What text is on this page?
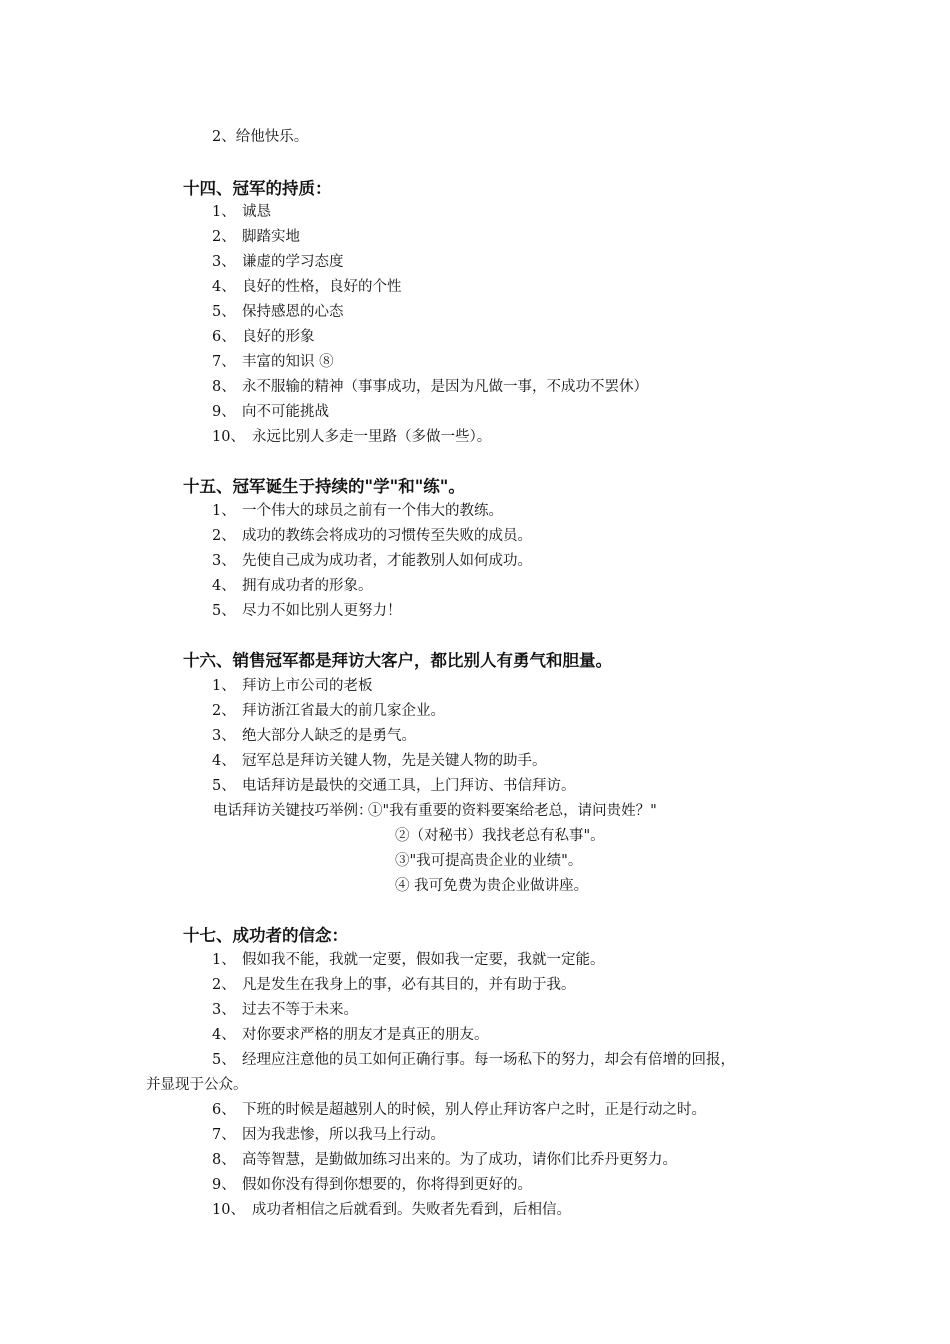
2、给他快乐。
十四、冠军的持质：
1、 诚恳
2、 脚踏实地
3、 谦虚的学习态度
4、 良好的性格，良好的个性
5、 保持感恩的心态
6、 良好的形象
7、 丰富的知识 ⑧
8、 永不服输的精神（事事成功，是因为凡做一事，不成功不罢休）
9、 向不可能挑战
10、 永远比别人多走一里路（多做一些）。
十五、冠军诞生于持续的"学"和"练"。
1、 一个伟大的球员之前有一个伟大的教练。
2、 成功的教练会将成功的习惯传至失败的成员。
3、 先使自己成为成功者，才能教别人如何成功。
4、 拥有成功者的形象。
5、 尽力不如比别人更努力！
十六、销售冠军都是拜访大客户，都比别人有勇气和胆量。
1、 拜访上市公司的老板
2、 拜访浙江省最大的前几家企业。
3、 绝大部分人缺乏的是勇气。
4、 冠军总是拜访关键人物，先是关键人物的助手。
5、 电话拜访是最快的交通工具，上门拜访、书信拜访。
电话拜访关键技巧举例：
①"我有重要的资料要案给老总，请问贵姓？"
②（对秘书）我找老总有私事"。
③"我可提高贵企业的业绩"。
④ 我可免费为贵企业做讲座。
十七、成功者的信念：
1、 假如我不能，我就一定要，假如我一定要，我就一定能。
2、 凡是发生在我身上的事，必有其目的，并有助于我。
3、 过去不等于未来。
4、 对你要求严格的朋友才是真正的朋友。
5、 经理应注意他的员工如何正确行事。每一场私下的努力，却会有倍增的回报，
并显现于公众。
6、 下班的时候是超越别人的时候，别人停止拜访客户之时，正是行动之时。
7、 因为我悲惨，所以我马上行动。
8、 高等智慧，是勤做加练习出来的。为了成功，请你们比乔丹更努力。
9、 假如你没有得到你想要的，你将得到更好的。
10、 成功者相信之后就看到。失败者先看到，后相信。
